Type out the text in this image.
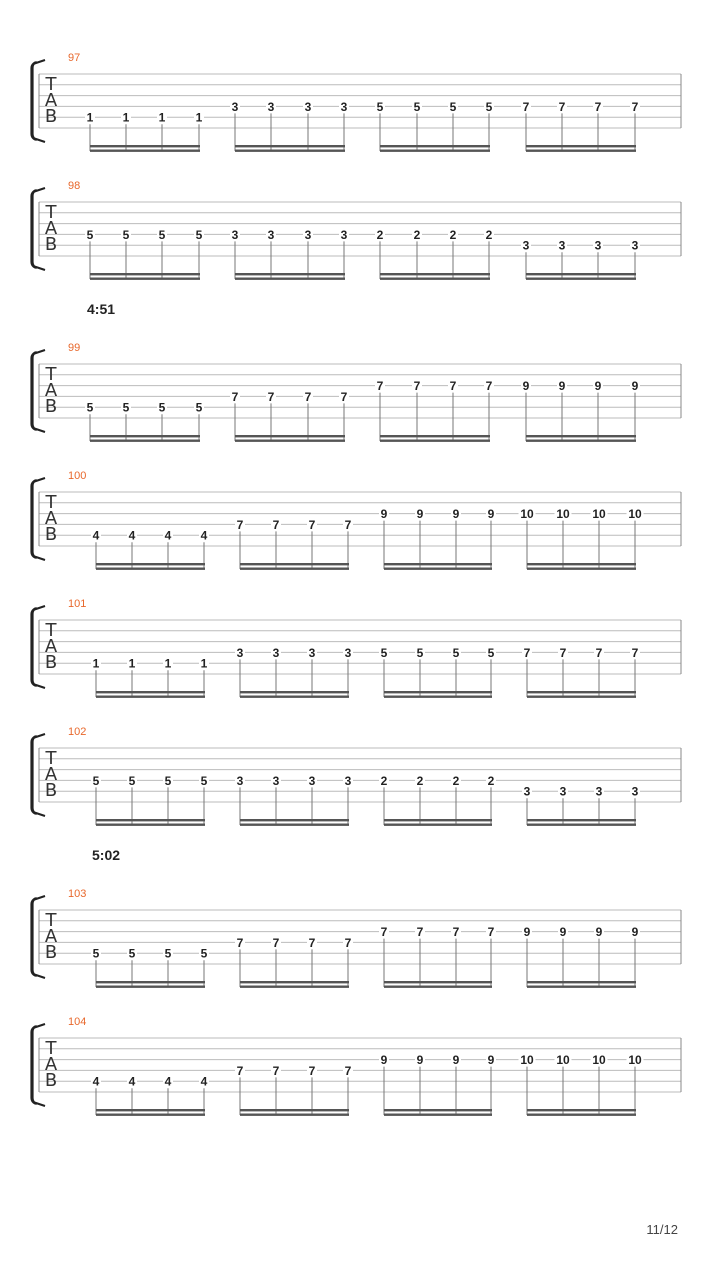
97
T
A
B 1 1 1	1
3 3	3 3 5	5 5 5	7 7 7	7
98
T
A
B 5 5 5	5 3 3	3 3 2	2 2 2
3 3 3	3
4:51
99
T
A
B 5 5 5	5
7 7	7 7
7	7 7 7	9 9 9	9
100
T
A
B	4 4 4 4
7 7 7 7
9 9 9 9 10 10 10 10
101
T
A
B	1 1 1 1
3 3 3 3 5 5 5 5 7 7 7 7
102
T
A
B	5 5 5 5 3 3 3 3 2 2 2 2
3 3 3 3
5:02
103
T
A
B	5 5 5 5
7 7 7 7
7 7 7 7 9 9 9 9
104
T
A
B	4 4 4 4
7 7 7 7
9 9 9 9 10 10 10 10
11/12
